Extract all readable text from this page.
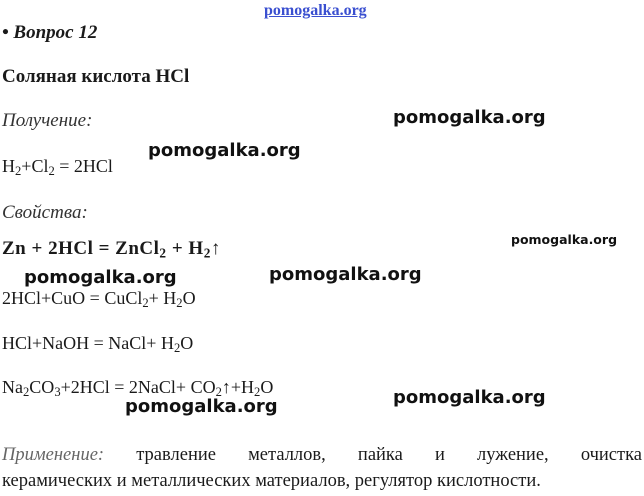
pomogalka.org
• Вопрос 12
Соляная кислота HCl
Получение:	pomogalka.org
$H_2+Cl_2 = 2HCl$
pomogalka.org
Свойства:
Zn + 2HCl = ZnCl$_2$ + $H_2↑$	pomogalka.org
pomogalka.org	pomogalka.org
2HCl+CuO = CuCl$_2$+ $H_2O$
HCl+NaOH = NaCl+ $H_2O$
$Na_2CO_3+2HCl$ = 2NaCl+ $CO_2↑+H_2O$
pomogalka.org	pomogalka.org
Применение: травление металлов, пайка и лужение, очистка
керамических и металлических материалов, регулятор кислотности.
